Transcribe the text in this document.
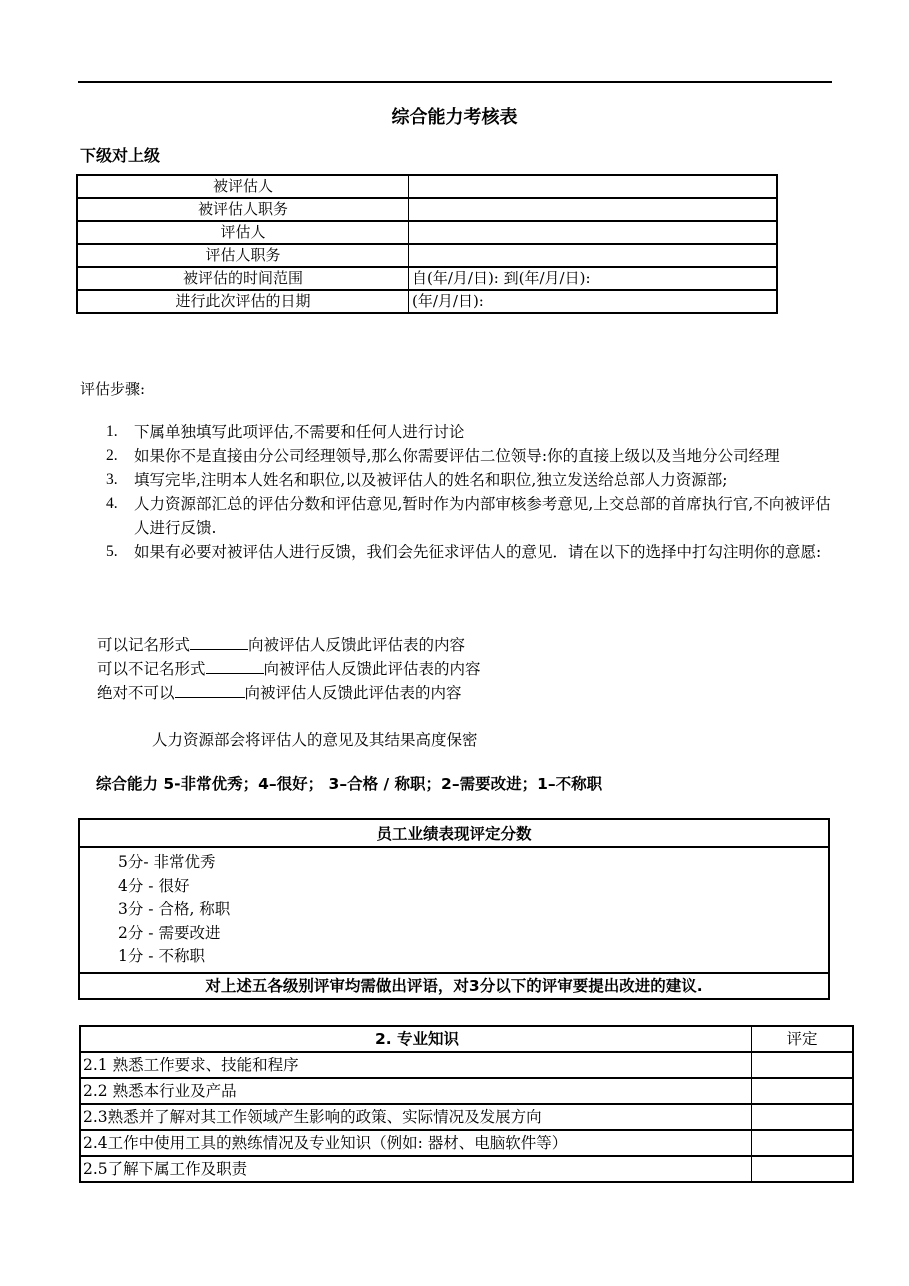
综合能力考核表
下级对上级
被评估人	
被评估人职务	
评估人	
评估人职务	
被评估的时间范围	自(年/月/日): 到(年/月/日):
进行此次评估的日期	(年/月/日):
评估步骤:
1. 下属单独填写此项评估,不需要和任何人进行讨论
2. 如果你不是直接由分公司经理领导,那么你需要评估二位领导:你的直接上级以及当地分公司经理
3. 填写完毕,注明本人姓名和职位,以及被评估人的姓名和职位,独立发送给总部人力资源部;
4. 人力资源部汇总的评估分数和评估意见,暂时作为内部审核参考意见,上交总部的首席执行官,不向被评估人进行反馈.
5. 如果有必要对被评估人进行反馈，我们会先征求评估人的意见．请在以下的选择中打勾注明你的意愿:
可以记名形式	向被评估人反馈此评估表的内容
可以不记名形式	向被评估人反馈此评估表的内容
绝对不可以	向被评估人反馈此评估表的内容
人力资源部会将评估人的意见及其结果高度保密
综合能力 5-非常优秀；4–很好； 3–合格 / 称职；2–需要改进；1–不称职
员工业绩表现评定分数
5分- 非常优秀
4分 - 很好
3分 - 合格, 称职
2分 - 需要改进
1分 - 不称职
对上述五各级别评审均需做出评语，对3分以下的评审要提出改进的建议.
2. 专业知识	评定
2.1 熟悉工作要求、技能和程序	
2.2 熟悉本行业及产品	
2.3熟悉并了解对其工作领域产生影响的政策、实际情况及发展方向	
2.4工作中使用工具的熟练情况及专业知识（例如: 器材、电脑软件等）	
2.5了解下属工作及职责	
